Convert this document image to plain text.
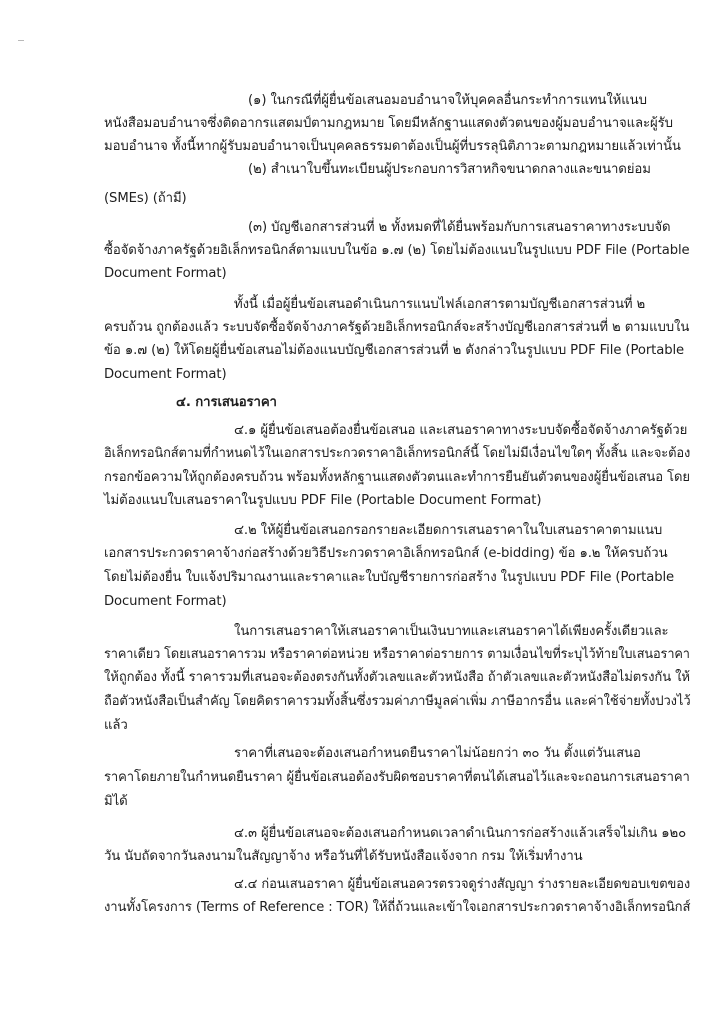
(๑) ในกรณีที่ผู้ยื่นข้อเสนอมอบอำนาจให้บุคคลอื่นกระทำการแทนให้แนบ
หนังสือมอบอำนาจซึ่งติดอากรแสตมป์ตามกฎหมาย โดยมีหลักฐานแสดงตัวตนของผู้มอบอำนาจและผู้รับ
มอบอำนาจ ทั้งนี้หากผู้รับมอบอำนาจเป็นบุคคลธรรมดาต้องเป็นผู้ที่บรรลุนิติภาวะตามกฎหมายแล้วเท่านั้น
(๒) สำเนาใบขึ้นทะเบียนผู้ประกอบการวิสาหกิจขนาดกลางและขนาดย่อม
(SMEs) (ถ้ามี)
(๓) บัญชีเอกสารส่วนที่ ๒ ทั้งหมดที่ได้ยื่นพร้อมกับการเสนอราคาทางระบบจัด
ซื้อจัดจ้างภาครัฐด้วยอิเล็กทรอนิกส์ตามแบบในข้อ ๑.๗ (๒) โดยไม่ต้องแนบในรูปแบบ PDF File (Portable
Document Format)
ทั้งนี้ เมื่อผู้ยื่นข้อเสนอดำเนินการแนบไฟล์เอกสารตามบัญชีเอกสารส่วนที่ ๒
ครบถ้วน ถูกต้องแล้ว ระบบจัดซื้อจัดจ้างภาครัฐด้วยอิเล็กทรอนิกส์จะสร้างบัญชีเอกสารส่วนที่ ๒ ตามแบบใน
ข้อ ๑.๗ (๒) ให้โดยผู้ยื่นข้อเสนอไม่ต้องแนบบัญชีเอกสารส่วนที่ ๒ ดังกล่าวในรูปแบบ PDF File (Portable
Document Format)
๔. การเสนอราคา
๔.๑ ผู้ยื่นข้อเสนอต้องยื่นข้อเสนอ และเสนอราคาทางระบบจัดซื้อจัดจ้างภาครัฐด้วย
อิเล็กทรอนิกส์ตามที่กำหนดไว้ในเอกสารประกวดราคาอิเล็กทรอนิกส์นี้ โดยไม่มีเงื่อนไขใดๆ ทั้งสิ้น และจะต้อง
กรอกข้อความให้ถูกต้องครบถ้วน พร้อมทั้งหลักฐานแสดงตัวตนและทำการยืนยันตัวตนของผู้ยื่นข้อเสนอ โดย
ไม่ต้องแนบใบเสนอราคาในรูปแบบ PDF File (Portable Document Format)
๔.๒ ให้ผู้ยื่นข้อเสนอกรอกรายละเอียดการเสนอราคาในใบเสนอราคาตามแนบ
เอกสารประกวดราคาจ้างก่อสร้างด้วยวิธีประกวดราคาอิเล็กทรอนิกส์ (e-bidding) ข้อ ๑.๒ ให้ครบถ้วน
โดยไม่ต้องยื่น ใบแจ้งปริมาณงานและราคาและใบบัญชีรายการก่อสร้าง ในรูปแบบ PDF File (Portable
Document Format)
ในการเสนอราคาให้เสนอราคาเป็นเงินบาทและเสนอราคาได้เพียงครั้งเดียวและ
ราคาเดียว โดยเสนอราคารวม หรือราคาต่อหน่วย หรือราคาต่อรายการ ตามเงื่อนไขที่ระบุไว้ท้ายใบเสนอราคา
ให้ถูกต้อง ทั้งนี้ ราคารวมที่เสนอจะต้องตรงกันทั้งตัวเลขและตัวหนังสือ ถ้าตัวเลขและตัวหนังสือไม่ตรงกัน ให้
ถือตัวหนังสือเป็นสำคัญ โดยคิดราคารวมทั้งสิ้นซึ่งรวมค่าภาษีมูลค่าเพิ่ม ภาษีอากรอื่น และค่าใช้จ่ายทั้งปวงไว้
แล้ว
ราคาที่เสนอจะต้องเสนอกำหนดยืนราคาไม่น้อยกว่า ๓๐ วัน ตั้งแต่วันเสนอ
ราคาโดยภายในกำหนดยืนราคา ผู้ยื่นข้อเสนอต้องรับผิดชอบราคาที่ตนได้เสนอไว้และจะถอนการเสนอราคา
มิได้
๔.๓ ผู้ยื่นข้อเสนอจะต้องเสนอกำหนดเวลาดำเนินการก่อสร้างแล้วเสร็จไม่เกิน ๑๒๐
วัน นับถัดจากวันลงนามในสัญญาจ้าง หรือวันที่ได้รับหนังสือแจ้งจาก กรม ให้เริ่มทำงาน
๔.๔ ก่อนเสนอราคา ผู้ยื่นข้อเสนอควรตรวจดูร่างสัญญา ร่างรายละเอียดขอบเขตของ
งานทั้งโครงการ (Terms of Reference : TOR) ให้ถี่ถ้วนและเข้าใจเอกสารประกวดราคาจ้างอิเล็กทรอนิกส์
